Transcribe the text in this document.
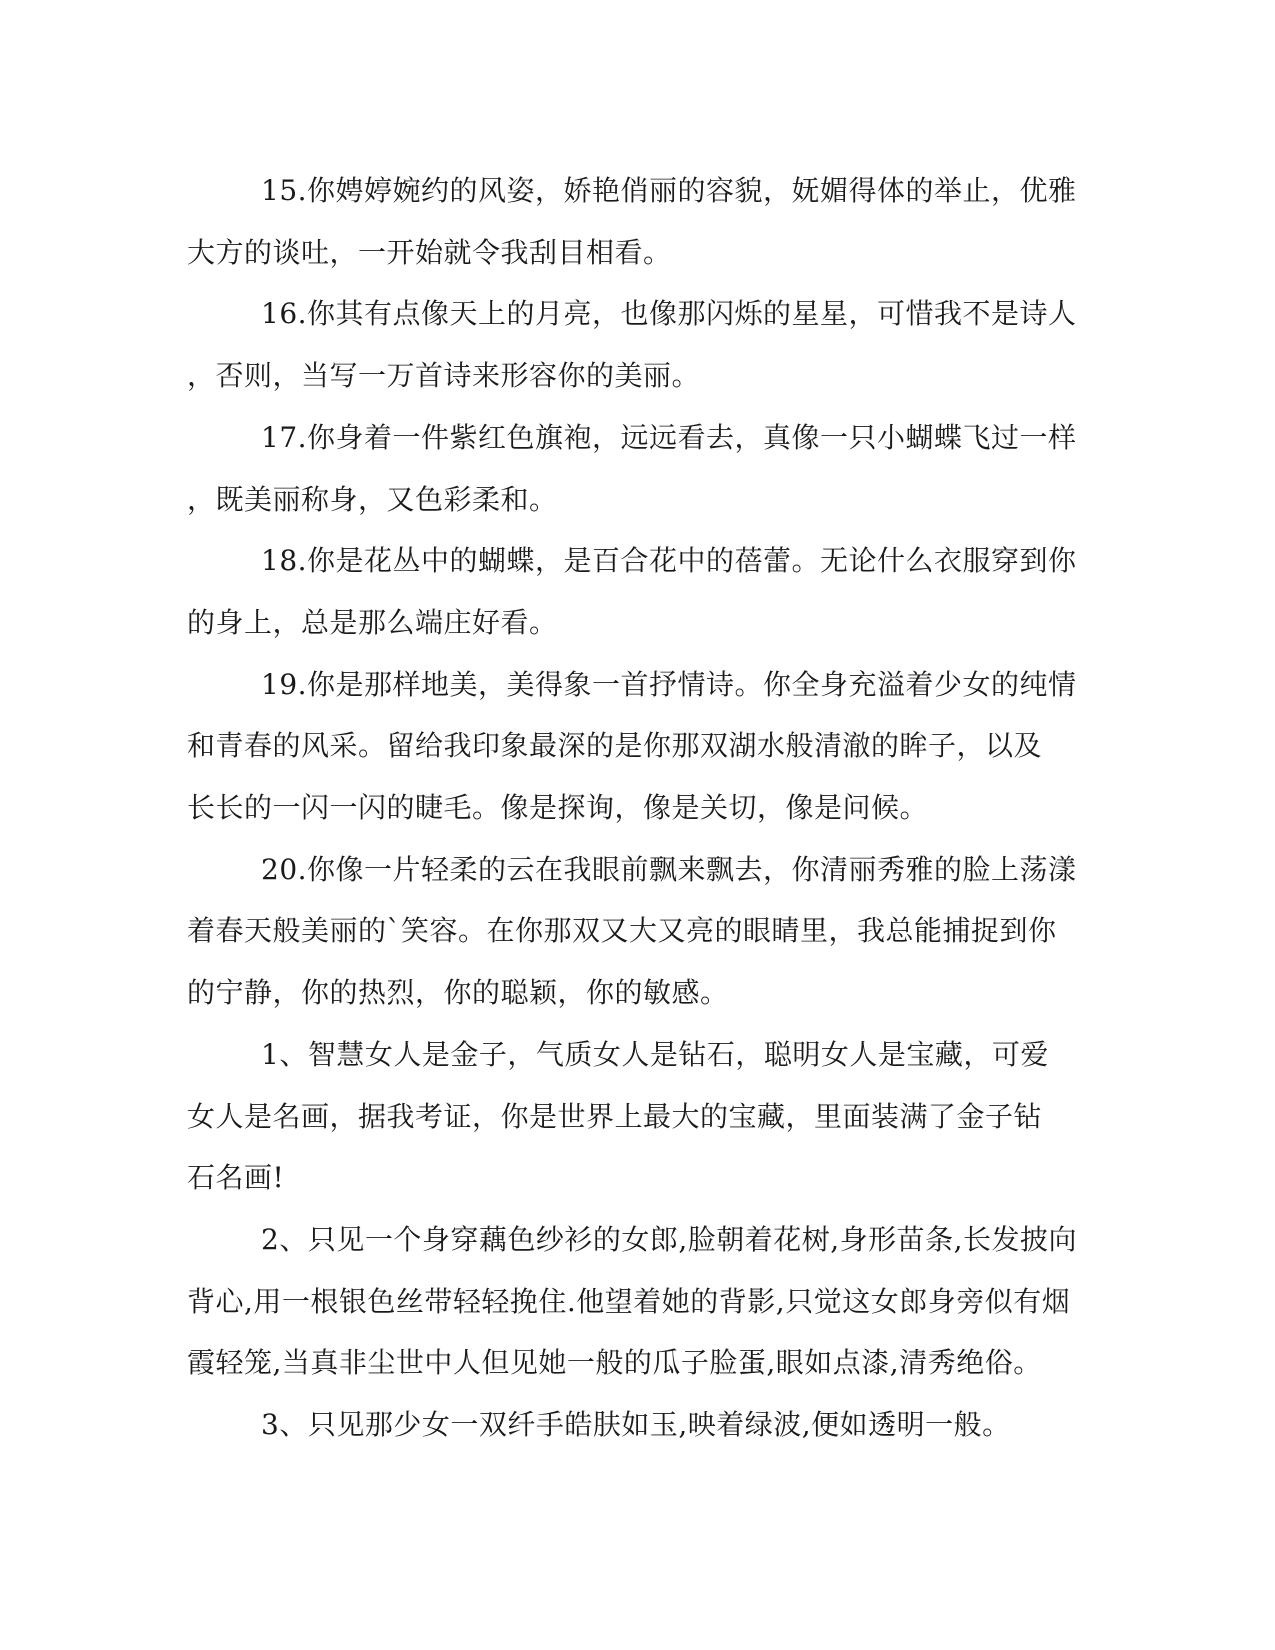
15.你娉婷婉约的风姿，娇艳俏丽的容貌，妩媚得体的举止，优雅
大方的谈吐，一开始就令我刮目相看。
16.你其有点像天上的月亮，也像那闪烁的星星，可惜我不是诗人
，否则，当写一万首诗来形容你的美丽。
17.你身着一件紫红色旗袍，远远看去，真像一只小蝴蝶飞过一样
，既美丽称身，又色彩柔和。
18.你是花丛中的蝴蝶，是百合花中的蓓蕾。无论什么衣服穿到你
的身上，总是那么端庄好看。
19.你是那样地美，美得象一首抒情诗。你全身充溢着少女的纯情
和青春的风采。留给我印象最深的是你那双湖水般清澈的眸子，以及
长长的一闪一闪的睫毛。像是探询，像是关切，像是问候。
20.你像一片轻柔的云在我眼前飘来飘去，你清丽秀雅的脸上荡漾
着春天般美丽的`笑容。在你那双又大又亮的眼睛里，我总能捕捉到你
的宁静，你的热烈，你的聪颖，你的敏感。
1、智慧女人是金子，气质女人是钻石，聪明女人是宝藏，可爱
女人是名画，据我考证，你是世界上最大的宝藏，里面装满了金子钻
石名画!
2、只见一个身穿藕色纱衫的女郎,脸朝着花树,身形苗条,长发披向
背心,用一根银色丝带轻轻挽住.他望着她的背影,只觉这女郎身旁似有烟
霞轻笼,当真非尘世中人但见她一般的瓜子脸蛋,眼如点漆,清秀绝俗。
3、只见那少女一双纤手皓肤如玉,映着绿波,便如透明一般。
